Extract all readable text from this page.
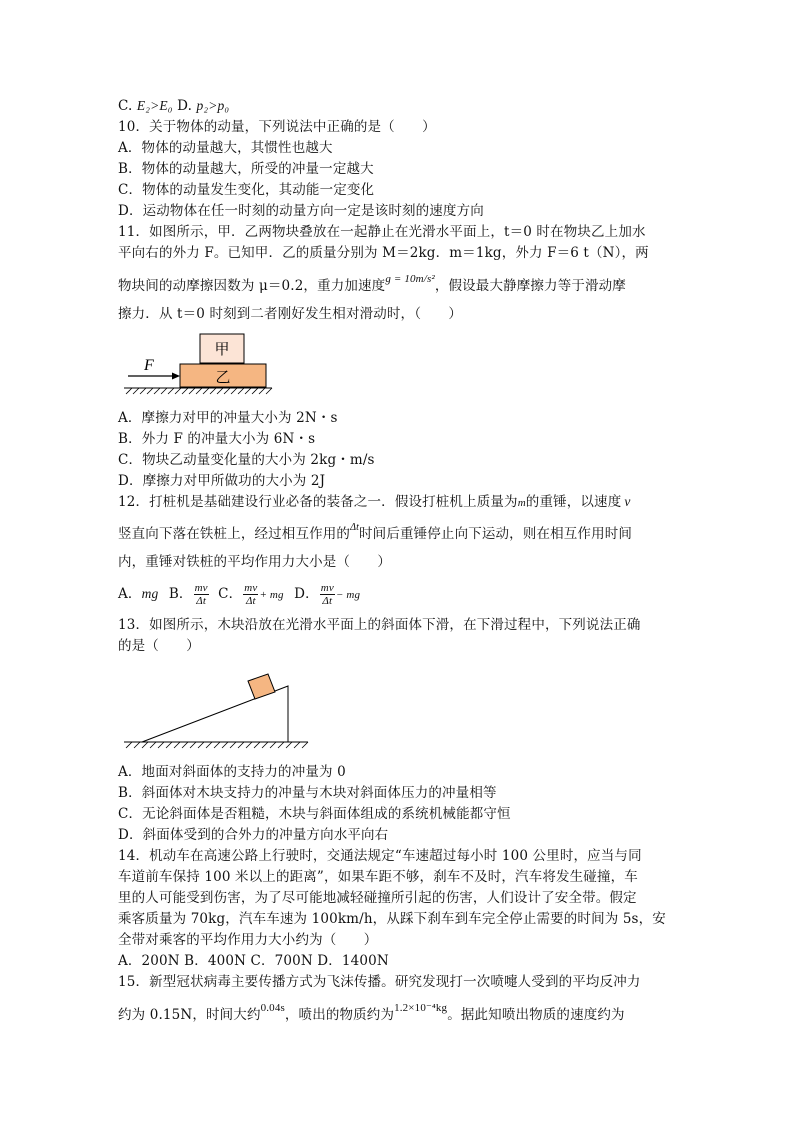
C. E₂>E₀ D. p₂>p₀
10．关于物体的动量，下列说法中正确的是（　　）
A．物体的动量越大，其惯性也越大
B．物体的动量越大，所受的冲量一定越大
C．物体的动量发生变化，其动能一定变化
D．运动物体在任一时刻的动量方向一定是该时刻的速度方向
11．如图所示，甲．乙两物块叠放在一起静止在光滑水平面上，t＝0 时在物块乙上加水
平向右的外力 F。已知甲．乙的质量分别为 M＝2kg．m＝1kg，外力 F＝6 t（N），两
物块间的动摩擦因数为 μ＝0.2，重力加速度$^{g = 10m/s^2}$，假设最大静摩擦力等于滑动摩
擦力．从 t＝0 时刻到二者刚好发生相对滑动时，（　　）
甲
乙
F
A．摩擦力对甲的冲量大小为 2N・s
B．外力 F 的冲量大小为 6N・s
C．物块乙动量变化量的大小为 2kg・m/s
D．摩擦力对甲所做功的大小为 2J
12．打桩机是基础建设行业必备的装备之一．假设打桩机上质量为m的重锤，以速度 v
竖直向下落在铁桩上，经过相互作用的$^{\Delta t}$时间后重锤停止向下运动，则在相互作用时间
内，重锤对铁桩的平均作用力大小是（　　）
A．mg B． $\frac{mv}{\Delta t}$ C． $\frac{mv}{\Delta t}$ + mg D． $\frac{mv}{\Delta t}$ − mg
13．如图所示，木块沿放在光滑水平面上的斜面体下滑，在下滑过程中，下列说法正确
的是（　　）
A．地面对斜面体的支持力的冲量为 0
B．斜面体对木块支持力的冲量与木块对斜面体压力的冲量相等
C．无论斜面体是否粗糙，木块与斜面体组成的系统机械能都守恒
D．斜面体受到的合外力的冲量方向水平向右
14．机动车在高速公路上行驶时，交通法规定“车速超过每小时 100 公里时，应当与同
车道前车保持 100 米以上的距离”，如果车距不够，刹车不及时，汽车将发生碰撞，车
里的人可能受到伤害，为了尽可能地减轻碰撞所引起的伤害，人们设计了安全带。假定
乘客质量为 70kg，汽车车速为 100km/h，从踩下刹车到车完全停止需要的时间为 5s，安
全带对乘客的平均作用力大小约为（　　）
A．200N B．400N C．700N D．1400N
15．新型冠状病毒主要传播方式为飞沫传播。研究发现打一次喷嚏人受到的平均反冲力
约为 0.15N，时间大约$^{0.04s}$，喷出的物质约为$^{1.2\times 10^{-4}kg}$。据此知喷出物质的速度约为
